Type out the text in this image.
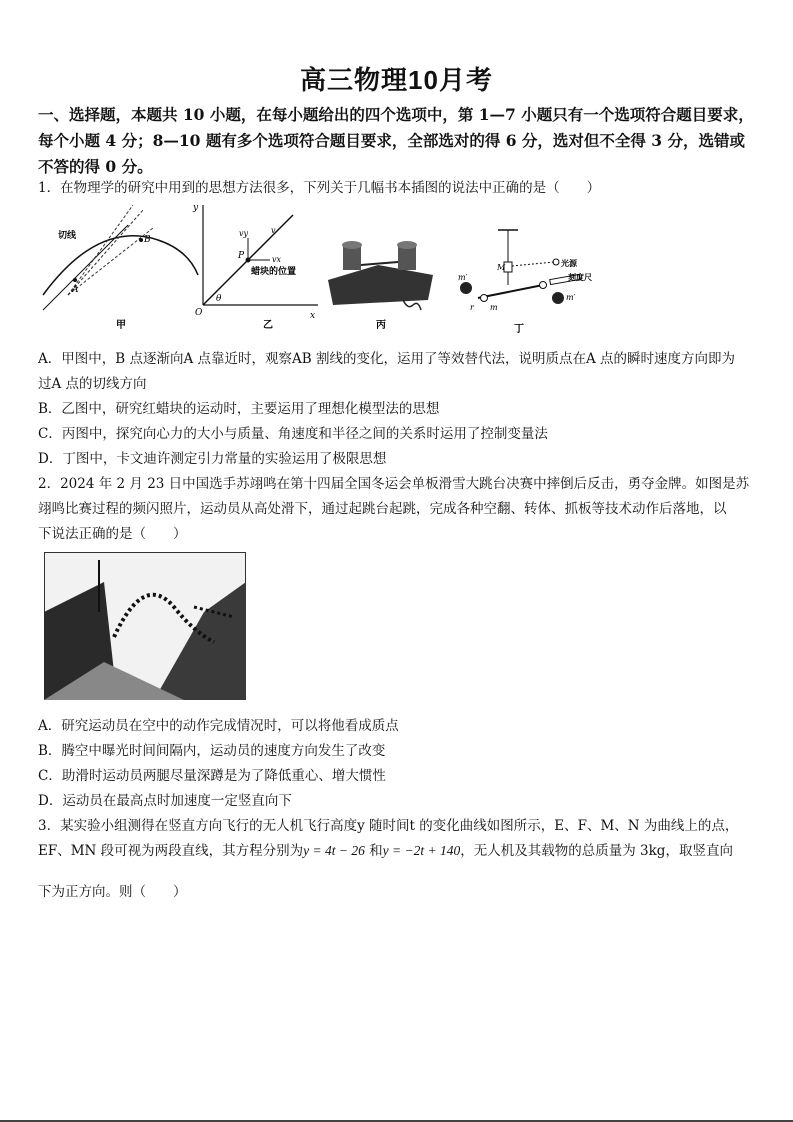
高三物理10月考
一、选择题，本题共 10 小题，在每小题给出的四个选项中，第 1—7 小题只有一个选项符合题目要求，每个小题 4 分；8—10 题有多个选项符合题目要求，全部选对的得 6 分，选对但不全得 3 分，选错或不答的得 0 分。
1．在物理学的研究中用到的思想方法很多，下列关于几幅书本插图的说法中正确的是（　　）
切线
A
B
甲
y
x
O
θ
P
vy
vx
v
蜡块的位置
乙	丙
M
m′
m
r
m′
光源
刻度尺
丁
A．甲图中，B 点逐渐向A 点靠近时，观察AB 割线的变化，运用了等效替代法，说明质点在A 点的瞬时速度方向即为
过A 点的切线方向
B．乙图中，研究红蜡块的运动时，主要运用了理想化模型法的思想
C．丙图中，探究向心力的大小与质量、角速度和半径之间的关系时运用了控制变量法
D．丁图中，卡文迪许测定引力常量的实验运用了极限思想
2．2024 年 2 月 23 日中国选手苏翊鸣在第十四届全国冬运会单板滑雪大跳台决赛中摔倒后反击，勇夺金牌。如图是苏
翊鸣比赛过程的频闪照片，运动员从高处滑下，通过起跳台起跳，完成各种空翻、转体、抓板等技术动作后落地，以
下说法正确的是（　　）
A．研究运动员在空中的动作完成情况时，可以将他看成质点
B．腾空中曝光时间间隔内，运动员的速度方向发生了改变
C．助滑时运动员两腿尽量深蹲是为了降低重心、增大惯性
D．运动员在最高点时加速度一定竖直向下
3．某实验小组测得在竖直方向飞行的无人机飞行高度y 随时间t 的变化曲线如图所示，E、F、M、N 为曲线上的点，
EF、MN 段可视为两段直线，其方程分别为y = 4t − 26 和y = −2t + 140，无人机及其载物的总质量为 3kg，取竖直向
下为正方向。则（　　）
